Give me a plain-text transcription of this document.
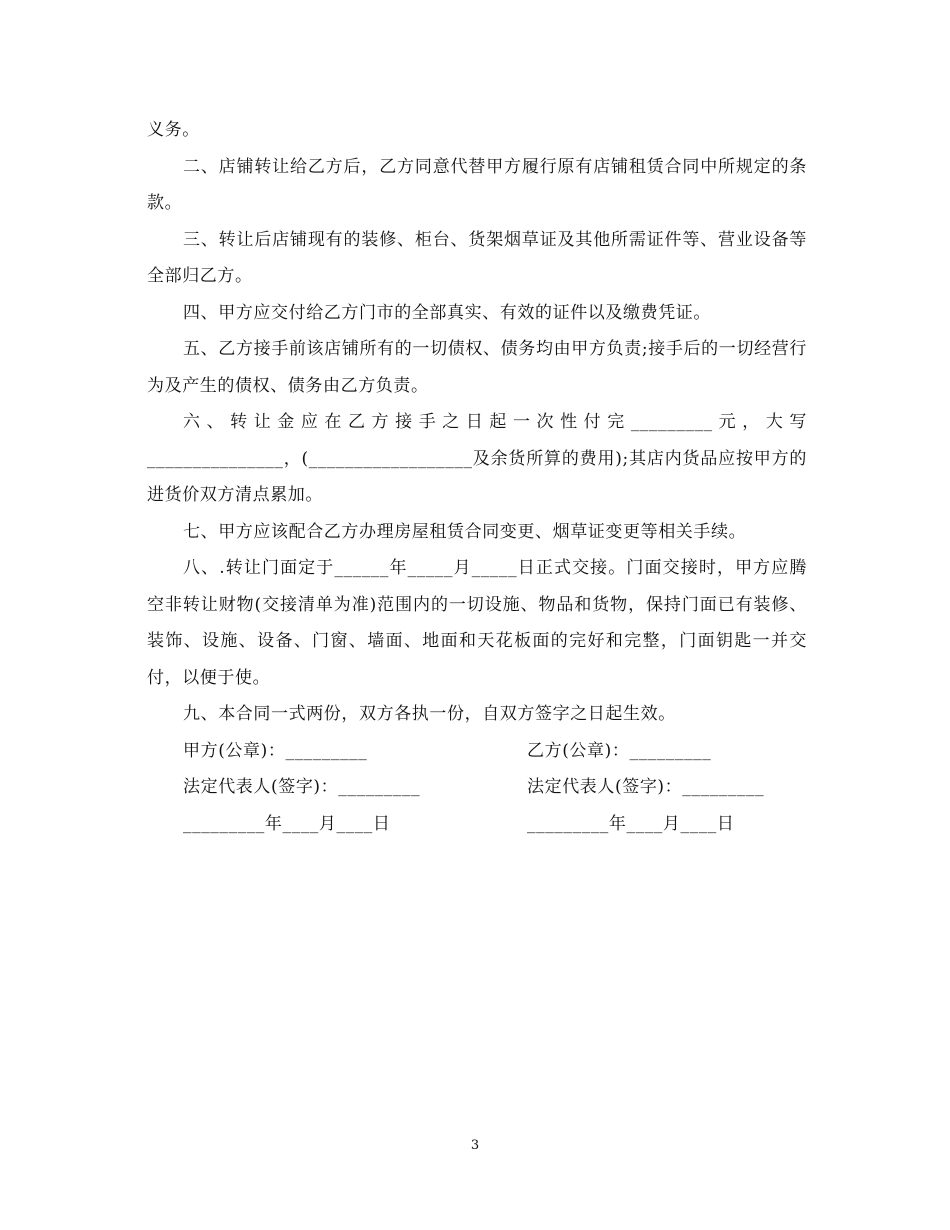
义务。

二、店铺转让给乙方后，乙方同意代替甲方履行原有店铺租赁合同中所规定的条款。

三、转让后店铺现有的装修、柜台、货架烟草证及其他所需证件等、营业设备等全部归乙方。

四、甲方应交付给乙方门市的全部真实、有效的证件以及缴费凭证。

五、乙方接手前该店铺所有的一切债权、债务均由甲方负责;接手后的一切经营行为及产生的债权、债务由乙方负责。

六、转让金应在乙方接手之日起一次性付完_________元，大写_______________，(__________________及余货所算的费用);其店内货品应按甲方的进货价双方清点累加。

七、甲方应该配合乙方办理房屋租赁合同变更、烟草证变更等相关手续。

八、.转让门面定于______年_____月_____日正式交接。门面交接时，甲方应腾空非转让财物(交接清单为准)范围内的一切设施、物品和货物，保持门面已有装修、装饰、设施、设备、门窗、墙面、地面和天花板面的完好和完整，门面钥匙一并交付，以便于使。

九、本合同一式两份，双方各执一份，自双方签字之日起生效。

甲方(公章)：_________	乙方(公章)：_________
法定代表人(签字)：_________	法定代表人(签字)：_________
_________年____月____日	_________年____月____日
3
